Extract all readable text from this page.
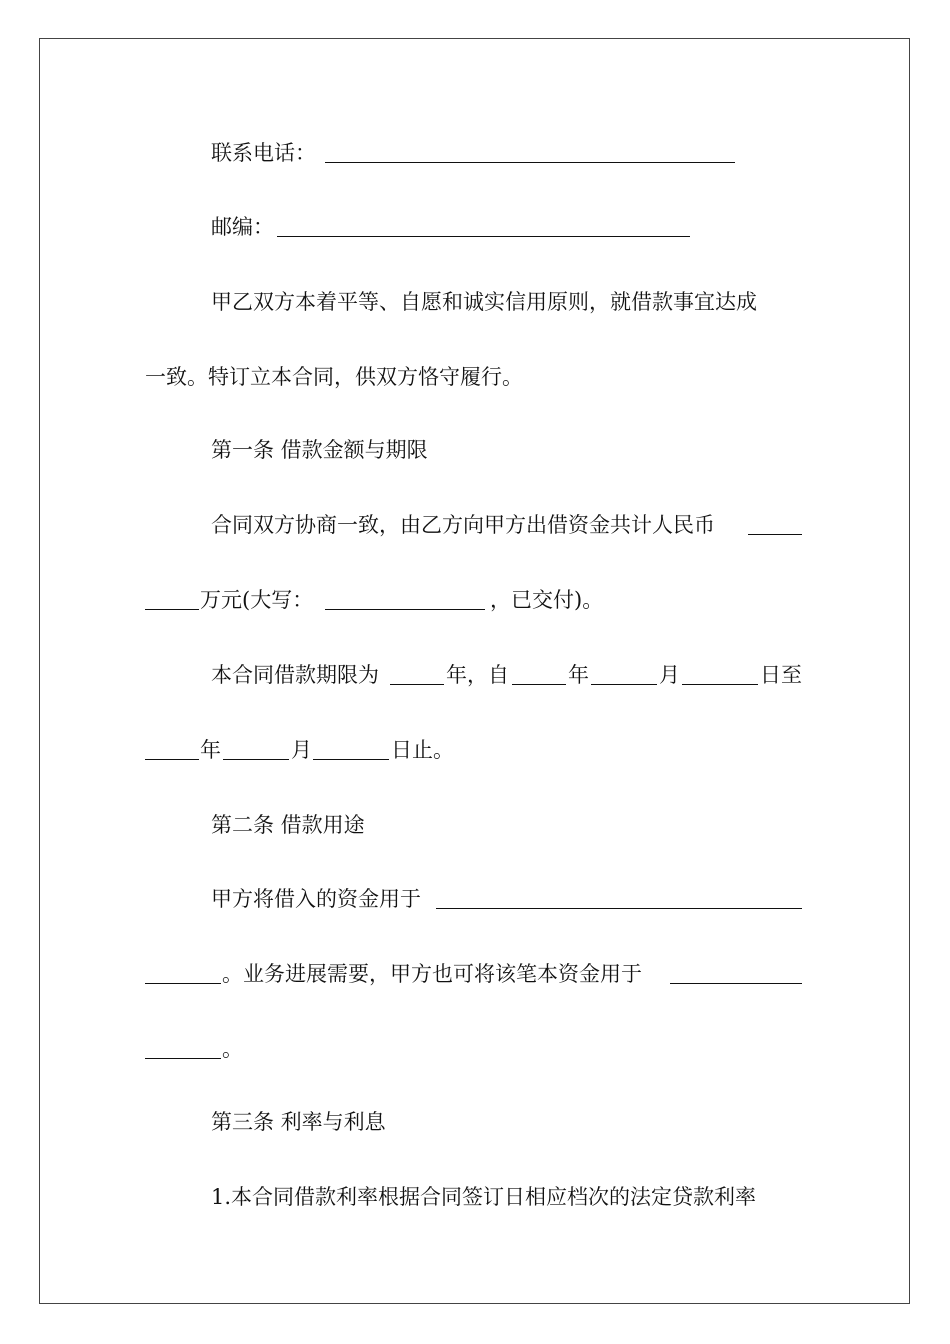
联系电话：
邮编：
甲乙双方本着平等、自愿和诚实信用原则，就借款事宜达成
一致。特订立本合同，供双方恪守履行。
第一条 借款金额与期限
合同双方协商一致，由乙方向甲方出借资金共计人民币
万元(大写：	，已交付)。
本合同借款期限为	年，自	年	月	日至
年	月	日止。
第二条 借款用途
甲方将借入的资金用于
。业务进展需要，甲方也可将该笔本资金用于
。
第三条 利率与利息
1.本合同借款利率根据合同签订日相应档次的法定贷款利率
